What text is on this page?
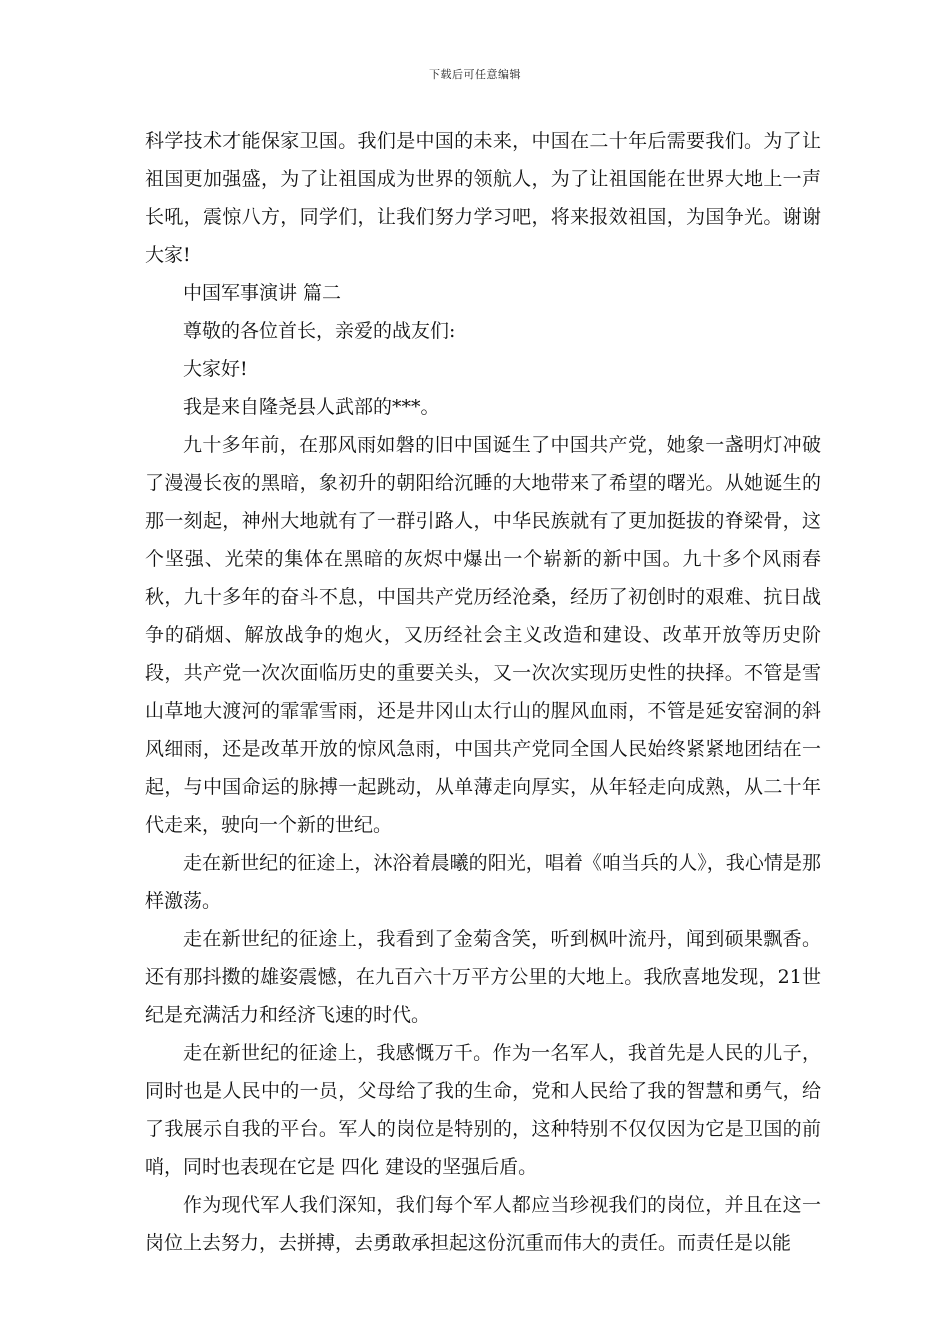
下载后可任意编辑

科学技术才能保家卫国。我们是中国的未来，中国在二十年后需要我们。为了让祖国更加强盛，为了让祖国成为世界的领航人，为了让祖国能在世界大地上一声长吼，震惊八方，同学们，让我们努力学习吧，将来报效祖国，为国争光。谢谢大家!

中国军事演讲 篇二

尊敬的各位首长，亲爱的战友们:

大家好!

我是来自隆尧县人武部的***。

九十多年前，在那风雨如磐的旧中国诞生了中国共产党，她象一盏明灯冲破了漫漫长夜的黑暗，象初升的朝阳给沉睡的大地带来了希望的曙光。从她诞生的那一刻起，神州大地就有了一群引路人，中华民族就有了更加挺拔的脊梁骨，这个坚强、光荣的集体在黑暗的灰烬中爆出一个崭新的新中国。九十多个风雨春秋，九十多年的奋斗不息，中国共产党历经沧桑，经历了初创时的艰难、抗日战争的硝烟、解放战争的炮火，又历经社会主义改造和建设、改革开放等历史阶段，共产党一次次面临历史的重要关头，又一次次实现历史性的抉择。不管是雪山草地大渡河的霏霏雪雨，还是井冈山太行山的腥风血雨，不管是延安窑洞的斜风细雨，还是改革开放的惊风急雨，中国共产党同全国人民始终紧紧地团结在一起，与中国命运的脉搏一起跳动，从单薄走向厚实，从年轻走向成熟，从二十年代走来，驶向一个新的世纪。

走在新世纪的征途上，沐浴着晨曦的阳光，唱着《咱当兵的人》，我心情是那样激荡。

走在新世纪的征途上，我看到了金菊含笑，听到枫叶流丹，闻到硕果飘香。还有那抖擞的雄姿震憾，在九百六十万平方公里的大地上。我欣喜地发现，21世纪是充满活力和经济飞速的时代。

走在新世纪的征途上，我感慨万千。作为一名军人，我首先是人民的儿子，同时也是人民中的一员，父母给了我的生命，党和人民给了我的智慧和勇气，给了我展示自我的平台。军人的岗位是特别的，这种特别不仅仅因为它是卫国的前哨，同时也表现在它是 四化 建设的坚强后盾。

作为现代军人我们深知，我们每个军人都应当珍视我们的岗位，并且在这一岗位上去努力，去拼搏，去勇敢承担起这份沉重而伟大的责任。而责任是以能
